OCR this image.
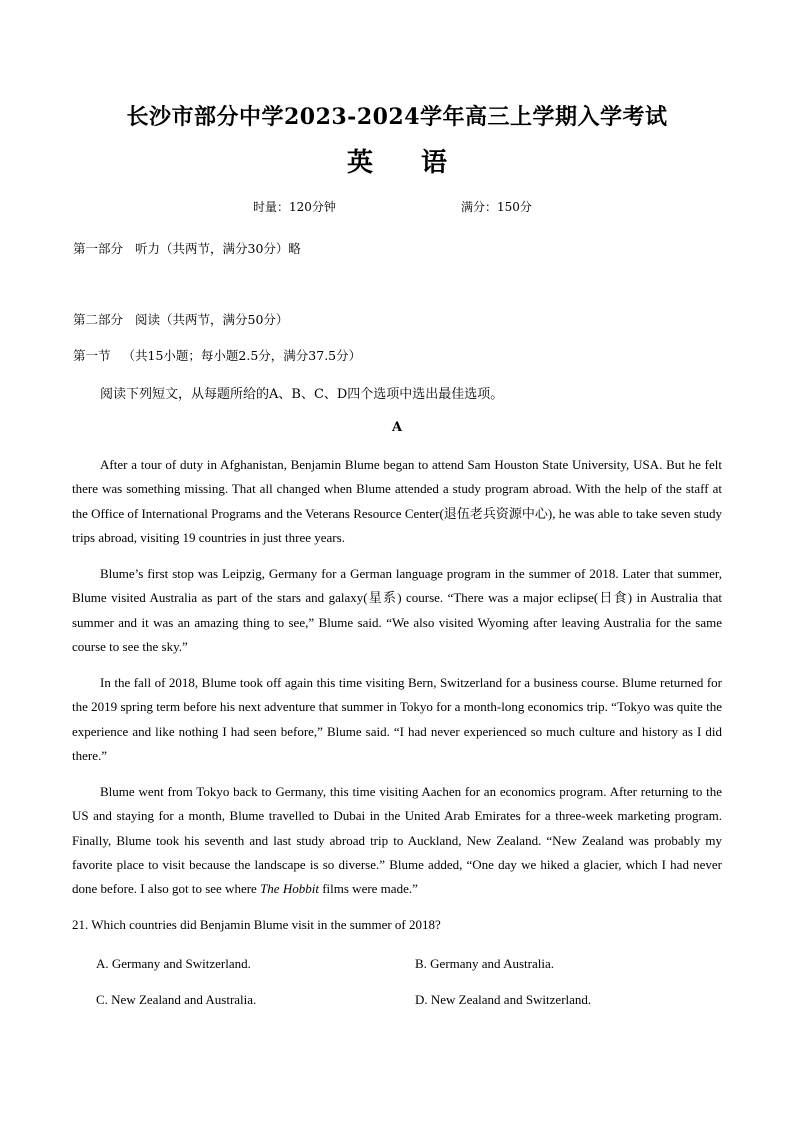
长沙市部分中学2023-2024学年高三上学期入学考试
英 语
时量：120分钟	满分：150分
第一部分 听力（共两节，满分30分）略
第二部分 阅读（共两节，满分50分）
第一节 （共15小题；每小题2.5分，满分37.5分）
阅读下列短文，从每题所给的A、B、C、D四个选项中选出最佳选项。
A

After a tour of duty in Afghanistan, Benjamin Blume began to attend Sam Houston State University, USA. But he felt there was something missing. That all changed when Blume attended a study program abroad. With the help of the staff at the Office of International Programs and the Veterans Resource Center(退伍老兵资源中心), he was able to take seven study trips abroad, visiting 19 countries in just three years.

Blume’s first stop was Leipzig, Germany for a German language program in the summer of 2018. Later that summer, Blume visited Australia as part of the stars and galaxy(星系) course. “There was a major eclipse(日食) in Australia that summer and it was an amazing thing to see,” Blume said. “We also visited Wyoming after leaving Australia for the same course to see the sky.”

In the fall of 2018, Blume took off again this time visiting Bern, Switzerland for a business course. Blume returned for the 2019 spring term before his next adventure that summer in Tokyo for a month-long economics trip. “Tokyo was quite the experience and like nothing I had seen before,” Blume said. “I had never experienced so much culture and history as I did there.”

Blume went from Tokyo back to Germany, this time visiting Aachen for an economics program. After returning to the US and staying for a month, Blume travelled to Dubai in the United Arab Emirates for a three-week marketing program. Finally, Blume took his seventh and last study abroad trip to Auckland, New Zealand. “New Zealand was probably my favorite place to visit because the landscape is so diverse.” Blume added, “One day we hiked a glacier, which I had never done before. I also got to see where The Hobbit films were made.”

21. Which countries did Benjamin Blume visit in the summer of 2018?
A. Germany and Switzerland.	B. Germany and Australia.
C. New Zealand and Australia.	D. New Zealand and Switzerland.
